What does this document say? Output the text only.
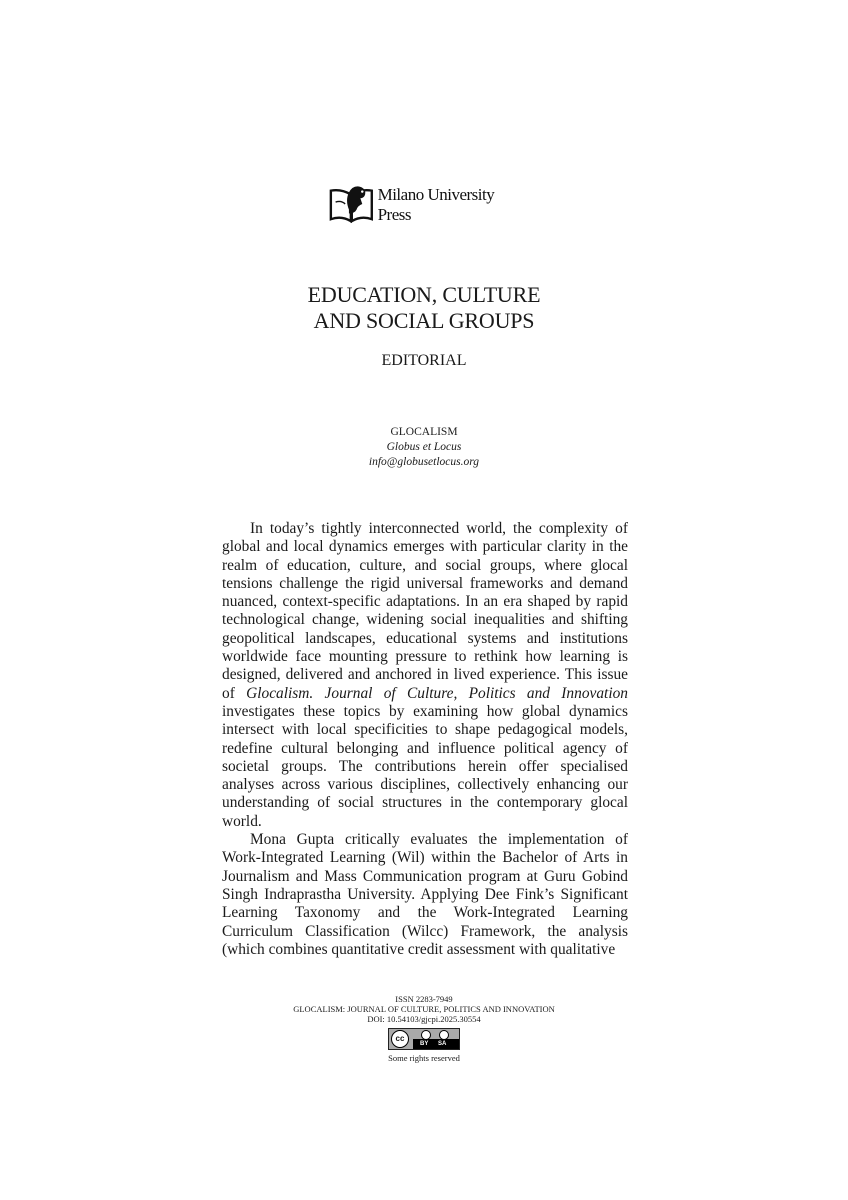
Milano University Press
EDUCATION, CULTURE
AND SOCIAL GROUPS
EDITORIAL
GLOCALISM
Globus et Locus
info@globusetlocus.org

In today’s tightly interconnected world, the complexity of global and local dynamics emerges with particular clarity in the realm of education, culture, and social groups, where glocal tensions challenge the rigid universal frameworks and demand nuanced, context-specific adaptations. In an era shaped by rapid technological change, widening social inequalities and shifting geopolitical landscapes, educational systems and institutions worldwide face mounting pressure to rethink how learning is designed, delivered and anchored in lived experience. This issue of Glocalism. Journal of Culture, Politics and Innovation investigates these topics by examining how global dynamics intersect with local specificities to shape pedagogical models, redefine cultural belonging and influence political agency of societal groups. The contributions herein offer specialised analyses across various disciplines, collectively enhancing our understanding of social structures in the contemporary glocal world.

Mona Gupta critically evaluates the implementation of Work-Integrated Learning (Wil) within the Bachelor of Arts in Journalism and Mass Communication program at Guru Gobind Singh Indraprastha University. Applying Dee Fink’s Significant Learning Taxonomy and the Work-Integrated Learning Curriculum Classification (Wilcc) Framework, the analysis (which combines quantitative credit assessment with qualitative

ISSN 2283-7949
GLOCALISM: JOURNAL OF CULTURE, POLITICS AND INNOVATION
DOI: 10.54103/gjcpi.2025.30554
cc
BY SA
Some rights reserved
